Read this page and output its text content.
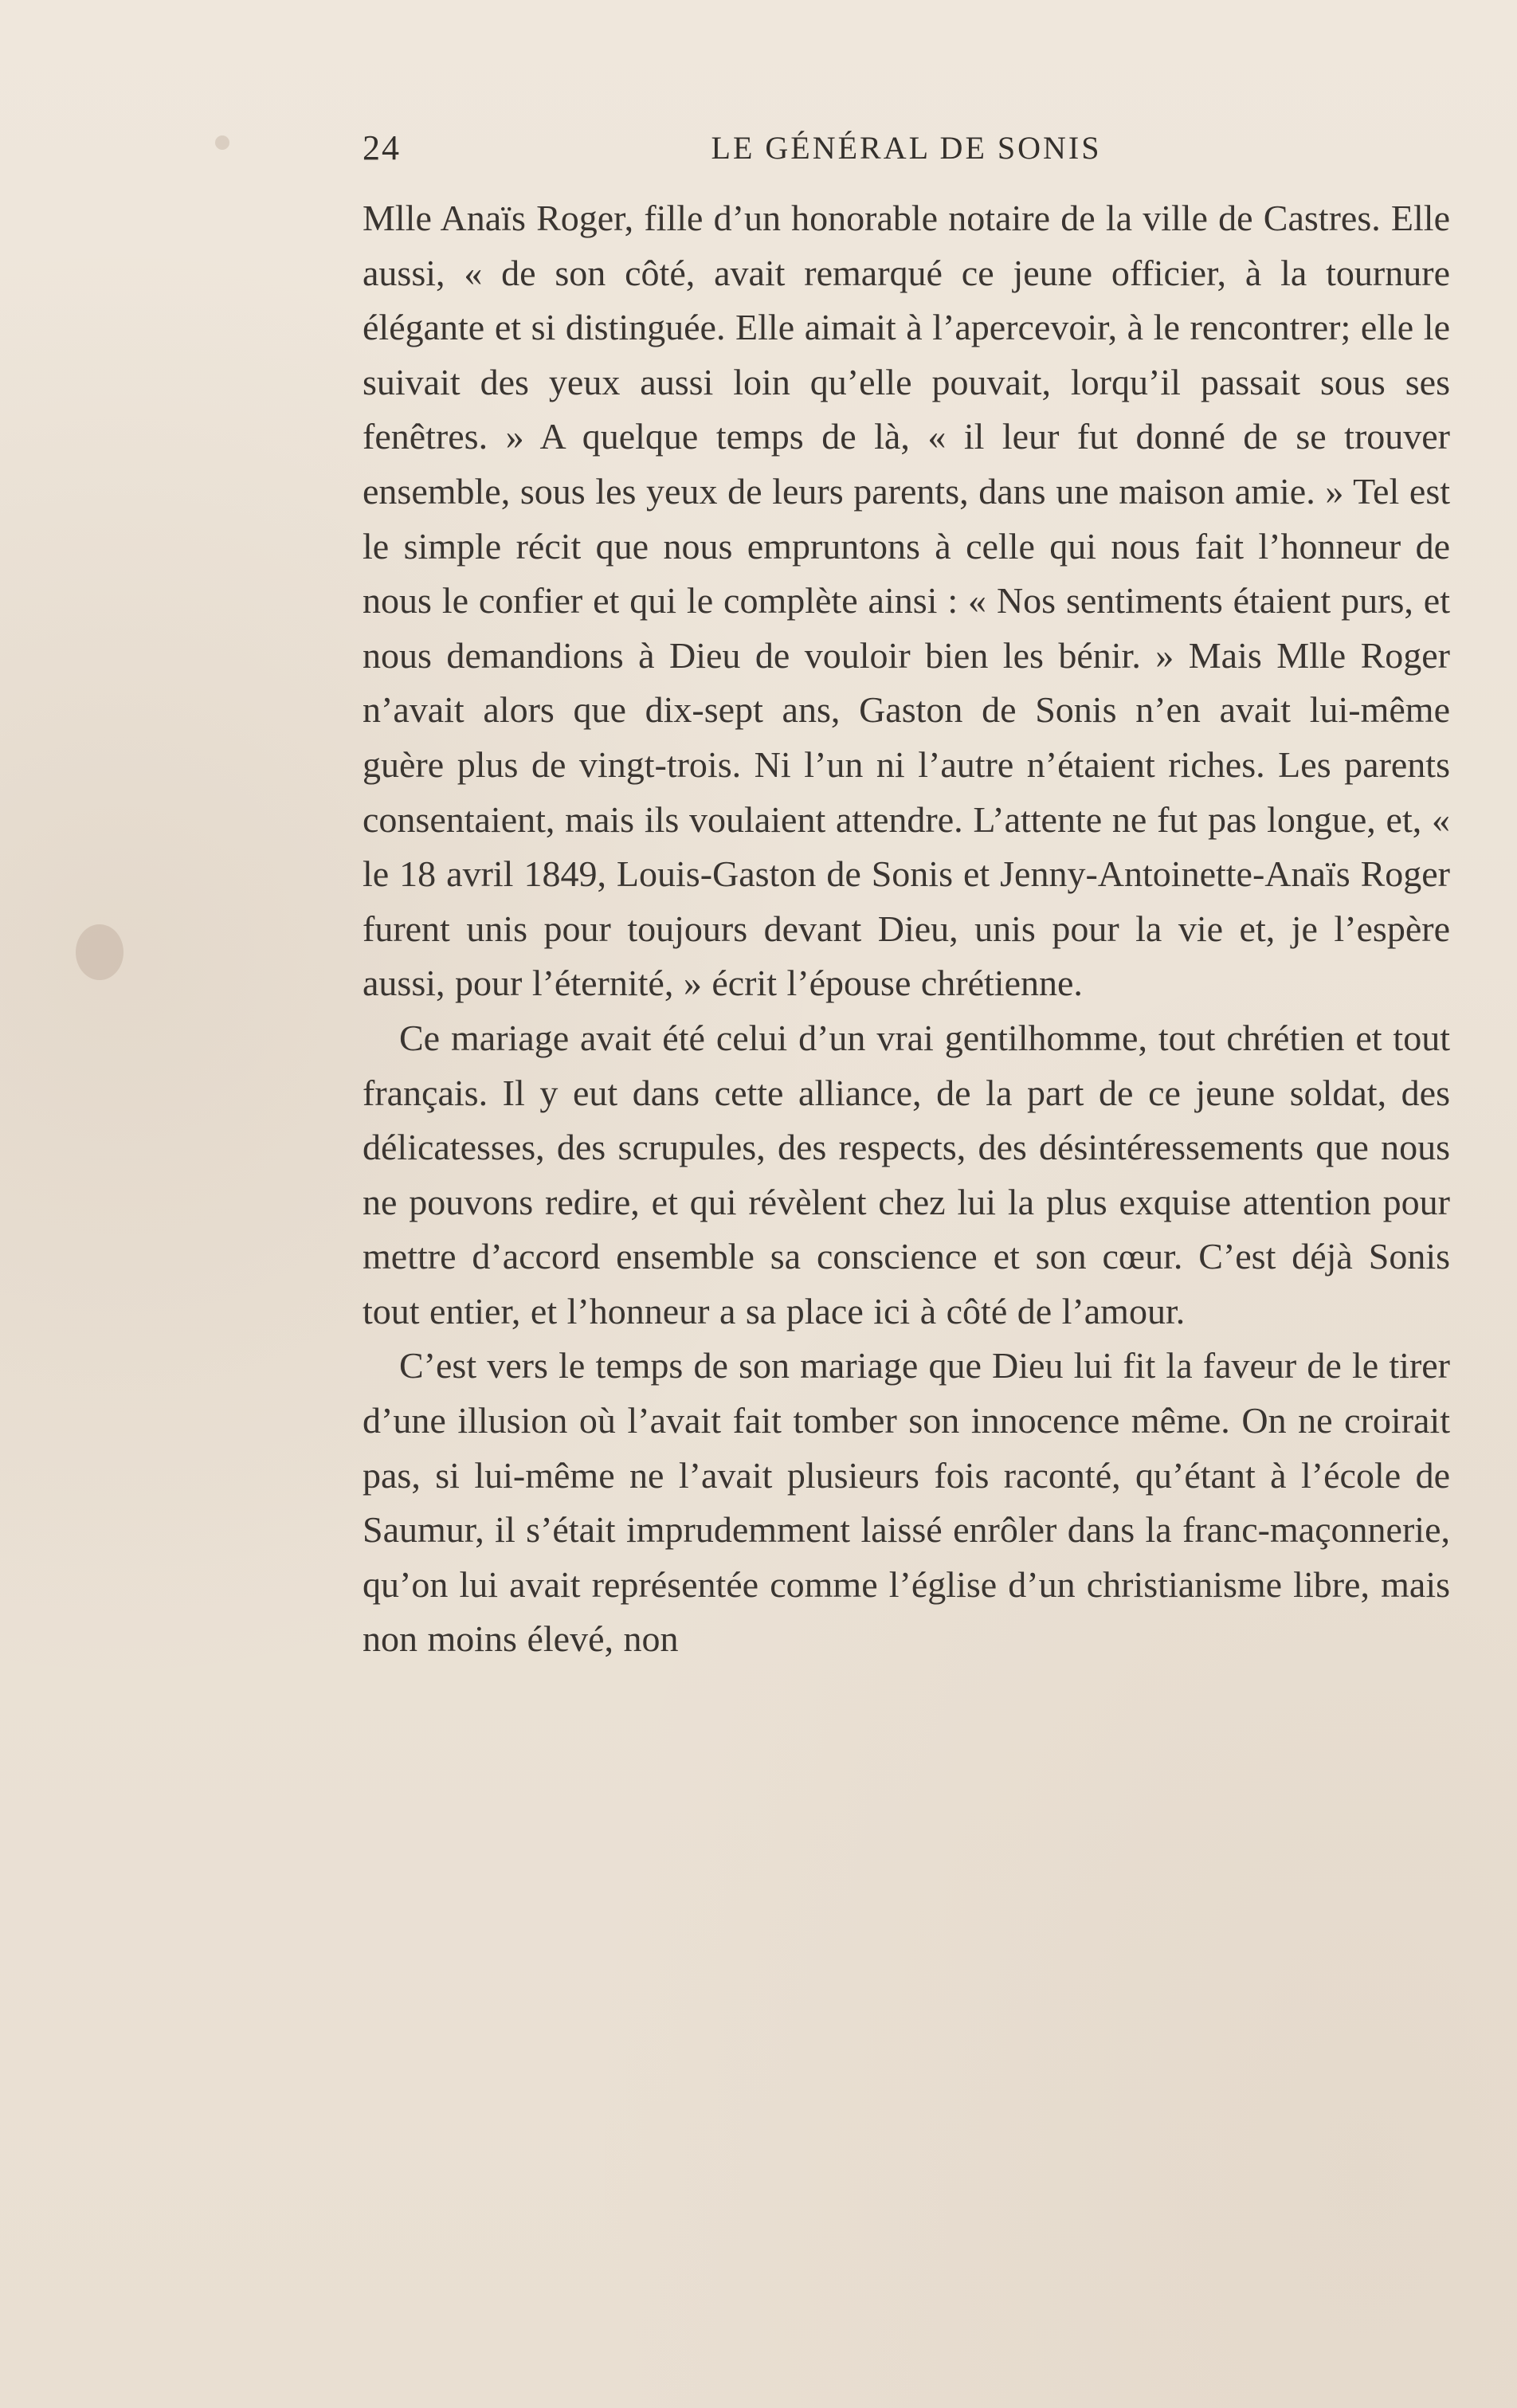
24	LE GÉNÉRAL DE SONIS

Mlle Anaïs Roger, fille d’un honorable notaire de la ville de Castres. Elle aussi, « de son côté, avait remarqué ce jeune officier, à la tournure élégante et si distinguée. Elle aimait à l’apercevoir, à le rencontrer; elle le suivait des yeux aussi loin qu’elle pouvait, lorqu’il passait sous ses fenêtres. » A quelque temps de là, « il leur fut donné de se trouver ensemble, sous les yeux de leurs parents, dans une maison amie. » Tel est le simple récit que nous empruntons à celle qui nous fait l’honneur de nous le confier et qui le complète ainsi : « Nos sentiments étaient purs, et nous demandions à Dieu de vouloir bien les bénir. » Mais Mlle Roger n’avait alors que dix-sept ans, Gaston de Sonis n’en avait lui-même guère plus de vingt-trois. Ni l’un ni l’autre n’étaient riches. Les parents consentaient, mais ils voulaient attendre. L’attente ne fut pas longue, et, « le 18 avril 1849, Louis-Gaston de Sonis et Jenny-Antoinette-Anaïs Roger furent unis pour toujours devant Dieu, unis pour la vie et, je l’espère aussi, pour l’éternité, » écrit l’épouse chrétienne.

Ce mariage avait été celui d’un vrai gentilhomme, tout chrétien et tout français. Il y eut dans cette alliance, de la part de ce jeune soldat, des délicatesses, des scrupules, des respects, des désintéressements que nous ne pouvons redire, et qui révèlent chez lui la plus exquise attention pour mettre d’accord ensemble sa conscience et son cœur. C’est déjà Sonis tout entier, et l’honneur a sa place ici à côté de l’amour.

C’est vers le temps de son mariage que Dieu lui fit la faveur de le tirer d’une illusion où l’avait fait tomber son innocence même. On ne croirait pas, si lui-même ne l’avait plusieurs fois raconté, qu’étant à l’école de Saumur, il s’était imprudemment laissé enrôler dans la franc-maçonnerie, qu’on lui avait représentée comme l’église d’un christianisme libre, mais non moins élevé, non
